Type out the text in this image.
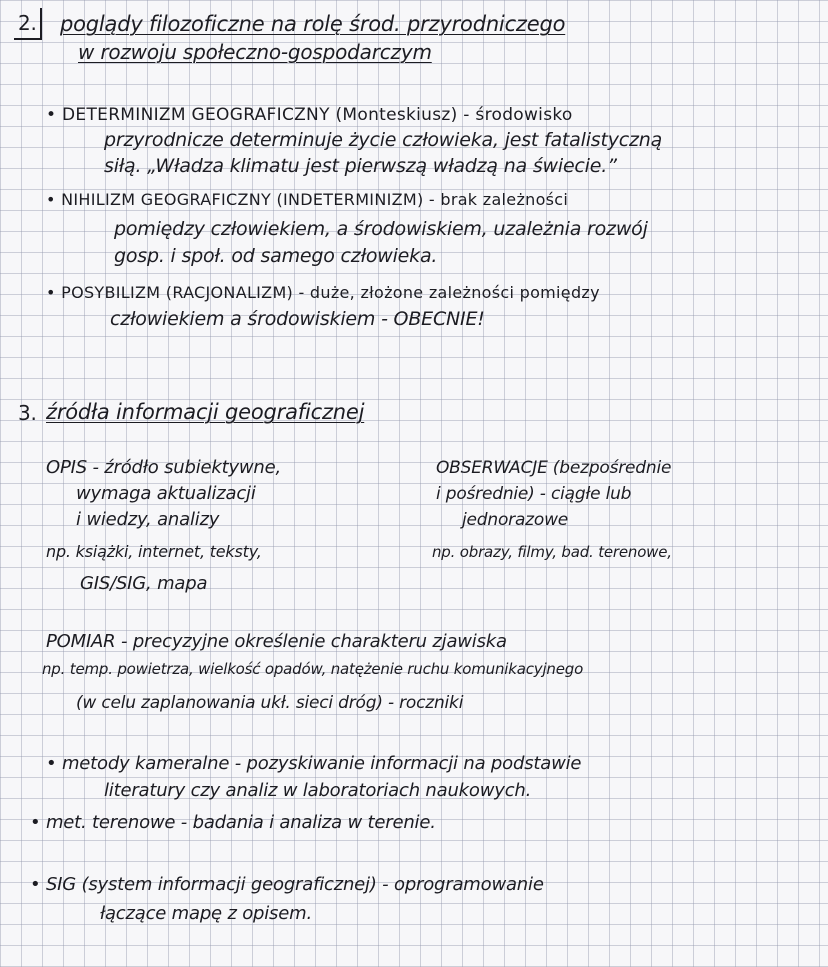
2. poglądy filozoficzne na rolę środ. przyrodniczego
w rozwoju społeczno-gospodarczym
• DETERMINIZM GEOGRAFICZNY (Monteskiusz) - środowisko
przyrodnicze determinuje życie człowieka, jest fatalistyczną
siłą. „Władza klimatu jest pierwszą władzą na świecie.”
• NIHILIZM GEOGRAFICZNY (INDETERMINIZM) - brak zależności
pomiędzy człowiekiem, a środowiskiem, uzależnia rozwój
gosp. i społ. od samego człowieka.
• POSYBILIZM (RACJONALIZM) - duże, złożone zależności pomiędzy
człowiekiem a środowiskiem - OBECNIE!
3. źródła informacji geograficznej
OPIS - źródło subiektywne,
wymaga aktualizacji
i wiedzy, analizy
np. książki, internet, teksty,
GIS/SIG, mapa
OBSERWACJE (bezpośrednie
i pośrednie) - ciągłe lub
jednorazowe
np. obrazy, filmy, bad. terenowe,
POMIAR - precyzyjne określenie charakteru zjawiska
np. temp. powietrza, wielkość opadów, natężenie ruchu komunikacyjnego
(w celu zaplanowania ukł. sieci dróg) - roczniki
• metody kameralne - pozyskiwanie informacji na podstawie
literatury czy analiz w laboratoriach naukowych.
• met. terenowe - badania i analiza w terenie.
• SIG (system informacji geograficznej) - oprogramowanie
łączące mapę z opisem.
